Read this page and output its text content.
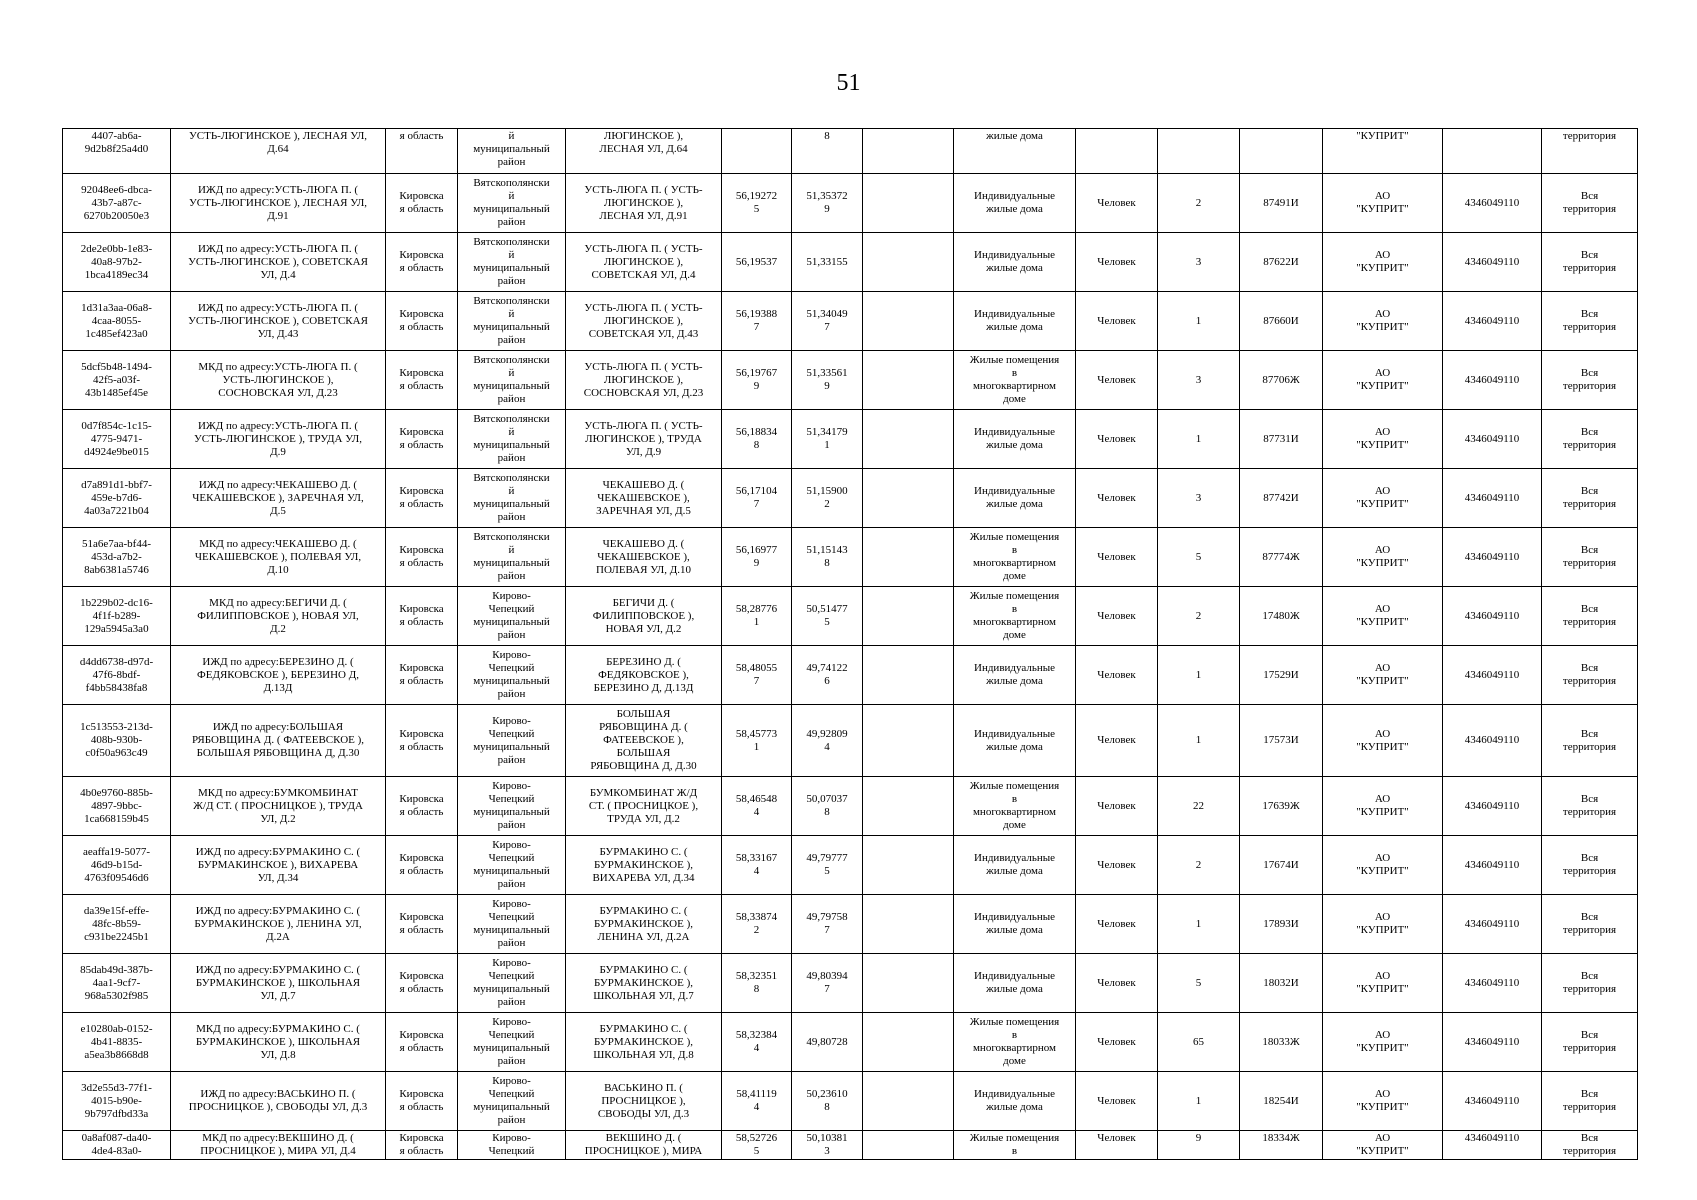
51
4407-ab6a-
9d2b8f25a4d0	УСТЬ-ЛЮГИНСКОЕ ), ЛЕСНАЯ УЛ,
Д.64	я область	й
муниципальный
район	ЛЮГИНСКОЕ ),
ЛЕСНАЯ УЛ, Д.64		8		жилые дома				"КУПРИТ"		территория
92048ee6-dbca-
43b7-a87c-
6270b20050e3	ИЖД по адресу:УСТЬ-ЛЮГА П. (
УСТЬ-ЛЮГИНСКОЕ ), ЛЕСНАЯ УЛ,
Д.91	Кировска
я область	Вятскополянски
й
муниципальный
район	УСТЬ-ЛЮГА П. ( УСТЬ-
ЛЮГИНСКОЕ ),
ЛЕСНАЯ УЛ, Д.91	56,19272
5	51,35372
9		Индивидуальные
жилые дома	Человек	2	87491И	АО
"КУПРИТ"	4346049110	Вся
территория
2de2e0bb-1e83-
40a8-97b2-
1bca4189ec34	ИЖД по адресу:УСТЬ-ЛЮГА П. (
УСТЬ-ЛЮГИНСКОЕ ), СОВЕТСКАЯ
УЛ, Д.4	Кировска
я область	Вятскополянски
й
муниципальный
район	УСТЬ-ЛЮГА П. ( УСТЬ-
ЛЮГИНСКОЕ ),
СОВЕТСКАЯ УЛ, Д.4	56,19537	51,33155		Индивидуальные
жилые дома	Человек	3	87622И	АО
"КУПРИТ"	4346049110	Вся
территория
1d31a3aa-06a8-
4caa-8055-
1c485ef423a0	ИЖД по адресу:УСТЬ-ЛЮГА П. (
УСТЬ-ЛЮГИНСКОЕ ), СОВЕТСКАЯ
УЛ, Д.43	Кировска
я область	Вятскополянски
й
муниципальный
район	УСТЬ-ЛЮГА П. ( УСТЬ-
ЛЮГИНСКОЕ ),
СОВЕТСКАЯ УЛ, Д.43	56,19388
7	51,34049
7		Индивидуальные
жилые дома	Человек	1	87660И	АО
"КУПРИТ"	4346049110	Вся
территория
5dcf5b48-1494-
42f5-a03f-
43b1485ef45e	МКД по адресу:УСТЬ-ЛЮГА П. (
УСТЬ-ЛЮГИНСКОЕ ),
СОСНОВСКАЯ УЛ, Д.23	Кировска
я область	Вятскополянски
й
муниципальный
район	УСТЬ-ЛЮГА П. ( УСТЬ-
ЛЮГИНСКОЕ ),
СОСНОВСКАЯ УЛ, Д.23	56,19767
9	51,33561
9		Жилые помещения
в
многоквартирном
доме	Человек	3	87706Ж	АО
"КУПРИТ"	4346049110	Вся
территория
0d7f854c-1c15-
4775-9471-
d4924e9be015	ИЖД по адресу:УСТЬ-ЛЮГА П. (
УСТЬ-ЛЮГИНСКОЕ ), ТРУДА УЛ,
Д.9	Кировска
я область	Вятскополянски
й
муниципальный
район	УСТЬ-ЛЮГА П. ( УСТЬ-
ЛЮГИНСКОЕ ), ТРУДА
УЛ, Д.9	56,18834
8	51,34179
1		Индивидуальные
жилые дома	Человек	1	87731И	АО
"КУПРИТ"	4346049110	Вся
территория
d7a891d1-bbf7-
459e-b7d6-
4a03a7221b04	ИЖД по адресу:ЧЕКАШЕВО Д. (
ЧЕКАШЕВСКОЕ ), ЗАРЕЧНАЯ УЛ,
Д.5	Кировска
я область	Вятскополянски
й
муниципальный
район	ЧЕКАШЕВО Д. (
ЧЕКАШЕВСКОЕ ),
ЗАРЕЧНАЯ УЛ, Д.5	56,17104
7	51,15900
2		Индивидуальные
жилые дома	Человек	3	87742И	АО
"КУПРИТ"	4346049110	Вся
территория
51a6e7aa-bf44-
453d-a7b2-
8ab6381a5746	МКД по адресу:ЧЕКАШЕВО Д. (
ЧЕКАШЕВСКОЕ ), ПОЛЕВАЯ УЛ,
Д.10	Кировска
я область	Вятскополянски
й
муниципальный
район	ЧЕКАШЕВО Д. (
ЧЕКАШЕВСКОЕ ),
ПОЛЕВАЯ УЛ, Д.10	56,16977
9	51,15143
8		Жилые помещения
в
многоквартирном
доме	Человек	5	87774Ж	АО
"КУПРИТ"	4346049110	Вся
территория
1b229b02-dc16-
4f1f-b289-
129a5945a3a0	МКД по адресу:БЕГИЧИ Д. (
ФИЛИППОВСКОЕ ), НОВАЯ УЛ,
Д.2	Кировска
я область	Кирово-
Чепецкий
муниципальный
район	БЕГИЧИ Д. (
ФИЛИППОВСКОЕ ),
НОВАЯ УЛ, Д.2	58,28776
1	50,51477
5		Жилые помещения
в
многоквартирном
доме	Человек	2	17480Ж	АО
"КУПРИТ"	4346049110	Вся
территория
d4dd6738-d97d-
47f6-8bdf-
f4bb58438fa8	ИЖД по адресу:БЕРЕЗИНО Д. (
ФЕДЯКОВСКОЕ ), БЕРЕЗИНО Д,
Д.13Д	Кировска
я область	Кирово-
Чепецкий
муниципальный
район	БЕРЕЗИНО Д. (
ФЕДЯКОВСКОЕ ),
БЕРЕЗИНО Д, Д.13Д	58,48055
7	49,74122
6		Индивидуальные
жилые дома	Человек	1	17529И	АО
"КУПРИТ"	4346049110	Вся
территория
1c513553-213d-
408b-930b-
c0f50a963c49	ИЖД по адресу:БОЛЬШАЯ
РЯБОВЩИНА Д. ( ФАТЕЕВСКОЕ ),
БОЛЬШАЯ РЯБОВЩИНА Д, Д.30	Кировска
я область	Кирово-
Чепецкий
муниципальный
район	БОЛЬШАЯ
РЯБОВЩИНА Д. (
ФАТЕЕВСКОЕ ),
БОЛЬШАЯ
РЯБОВЩИНА Д, Д.30	58,45773
1	49,92809
4		Индивидуальные
жилые дома	Человек	1	17573И	АО
"КУПРИТ"	4346049110	Вся
территория
4b0e9760-885b-
4897-9bbc-
1ca668159b45	МКД по адресу:БУМКОМБИНАТ
Ж/Д СТ. ( ПРОСНИЦКОЕ ), ТРУДА
УЛ, Д.2	Кировска
я область	Кирово-
Чепецкий
муниципальный
район	БУМКОМБИНАТ Ж/Д
СТ. ( ПРОСНИЦКОЕ ),
ТРУДА УЛ, Д.2	58,46548
4	50,07037
8		Жилые помещения
в
многоквартирном
доме	Человек	22	17639Ж	АО
"КУПРИТ"	4346049110	Вся
территория
aeaffa19-5077-
46d9-b15d-
4763f09546d6	ИЖД по адресу:БУРМАКИНО С. (
БУРМАКИНСКОЕ ), ВИХАРЕВА
УЛ, Д.34	Кировска
я область	Кирово-
Чепецкий
муниципальный
район	БУРМАКИНО С. (
БУРМАКИНСКОЕ ),
ВИХАРЕВА УЛ, Д.34	58,33167
4	49,79777
5		Индивидуальные
жилые дома	Человек	2	17674И	АО
"КУПРИТ"	4346049110	Вся
территория
da39e15f-effe-
48fc-8b59-
c931be2245b1	ИЖД по адресу:БУРМАКИНО С. (
БУРМАКИНСКОЕ ), ЛЕНИНА УЛ,
Д.2А	Кировска
я область	Кирово-
Чепецкий
муниципальный
район	БУРМАКИНО С. (
БУРМАКИНСКОЕ ),
ЛЕНИНА УЛ, Д.2А	58,33874
2	49,79758
7		Индивидуальные
жилые дома	Человек	1	17893И	АО
"КУПРИТ"	4346049110	Вся
территория
85dab49d-387b-
4aa1-9cf7-
968a5302f985	ИЖД по адресу:БУРМАКИНО С. (
БУРМАКИНСКОЕ ), ШКОЛЬНАЯ
УЛ, Д.7	Кировска
я область	Кирово-
Чепецкий
муниципальный
район	БУРМАКИНО С. (
БУРМАКИНСКОЕ ),
ШКОЛЬНАЯ УЛ, Д.7	58,32351
8	49,80394
7		Индивидуальные
жилые дома	Человек	5	18032И	АО
"КУПРИТ"	4346049110	Вся
территория
e10280ab-0152-
4b41-8835-
a5ea3b8668d8	МКД по адресу:БУРМАКИНО С. (
БУРМАКИНСКОЕ ), ШКОЛЬНАЯ
УЛ, Д.8	Кировска
я область	Кирово-
Чепецкий
муниципальный
район	БУРМАКИНО С. (
БУРМАКИНСКОЕ ),
ШКОЛЬНАЯ УЛ, Д.8	58,32384
4	49,80728		Жилые помещения
в
многоквартирном
доме	Человек	65	18033Ж	АО
"КУПРИТ"	4346049110	Вся
территория
3d2e55d3-77f1-
4015-b90e-
9b797dfbd33a	ИЖД по адресу:ВАСЬКИНО П. (
ПРОСНИЦКОЕ ), СВОБОДЫ УЛ, Д.3	Кировска
я область	Кирово-
Чепецкий
муниципальный
район	ВАСЬКИНО П. (
ПРОСНИЦКОЕ ),
СВОБОДЫ УЛ, Д.3	58,41119
4	50,23610
8		Индивидуальные
жилые дома	Человек	1	18254И	АО
"КУПРИТ"	4346049110	Вся
территория
0a8af087-da40-
4de4-83a0-	МКД по адресу:ВЕКШИНО Д. (
ПРОСНИЦКОЕ ), МИРА УЛ, Д.4	Кировска
я область	Кирово-
Чепецкий	ВЕКШИНО Д. (
ПРОСНИЦКОЕ ), МИРА	58,52726
5	50,10381
3		Жилые помещения
в	Человек	9	18334Ж	АО
"КУПРИТ"	4346049110	Вся
территория
